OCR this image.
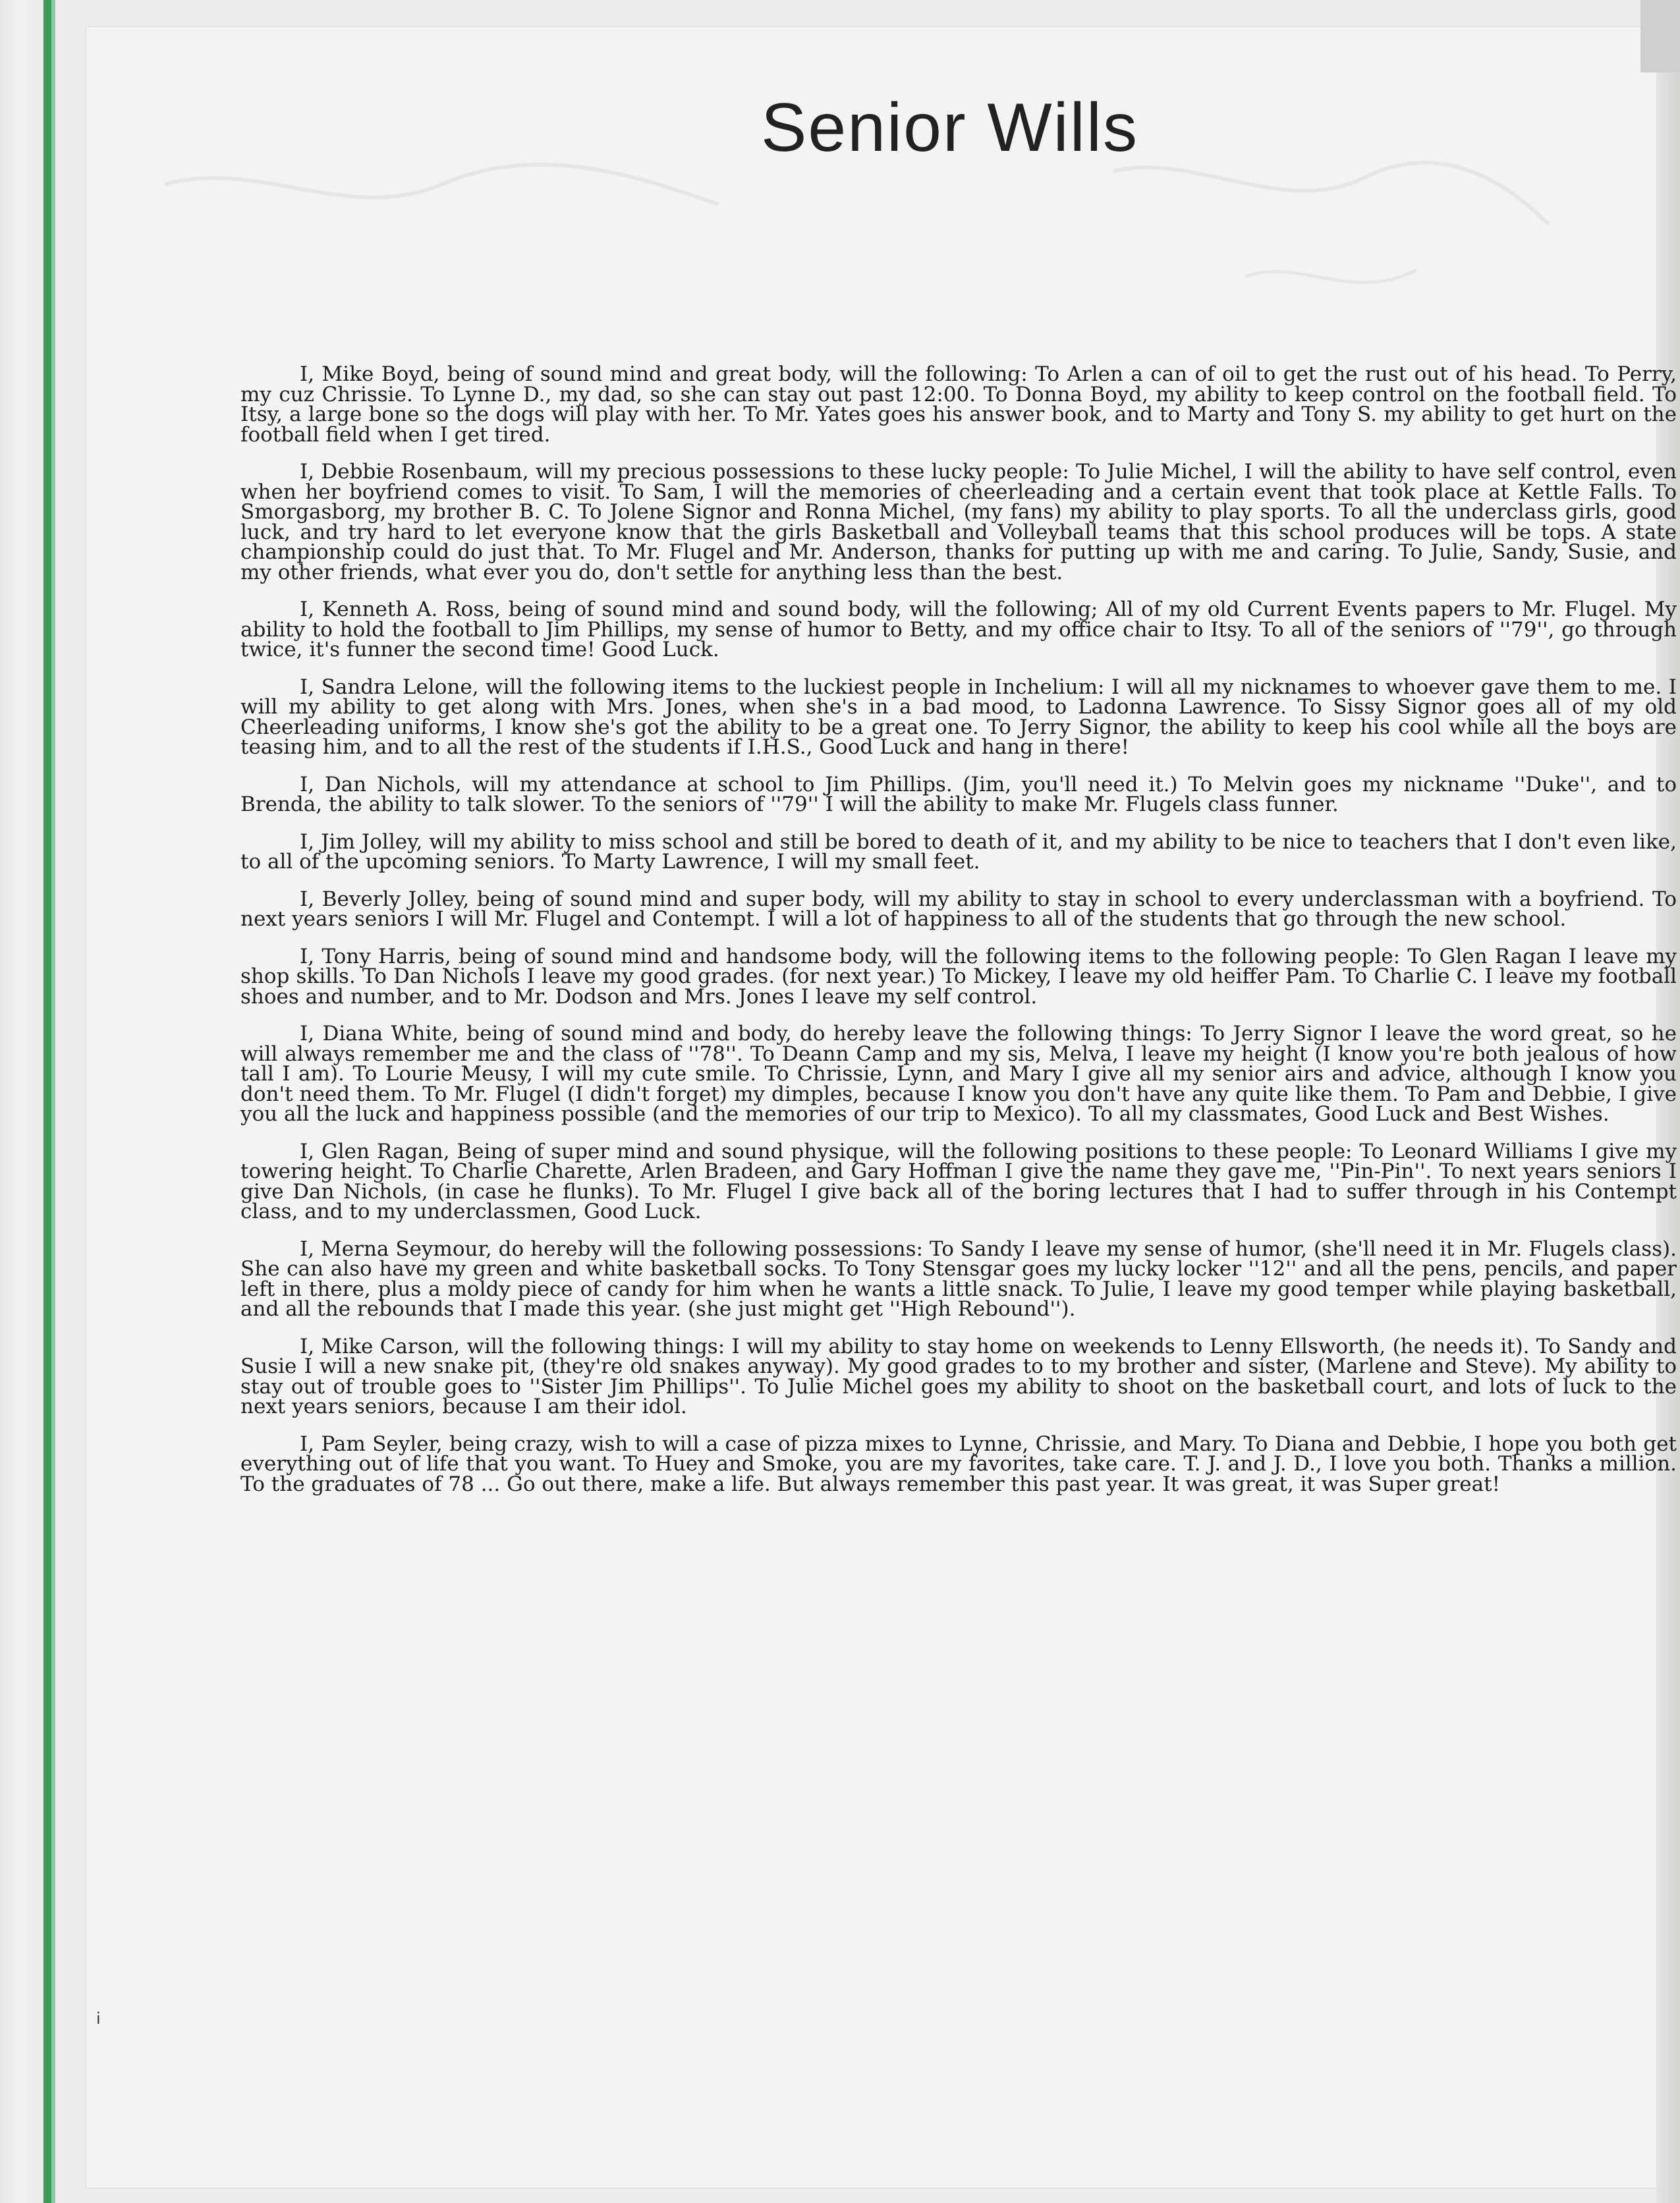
Senior Wills

I, Mike Boyd, being of sound mind and great body, will the following: To Arlen a can of oil to get the rust out of his head. To Perry, my cuz Chrissie. To Lynne D., my dad, so she can stay out past 12:00. To Donna Boyd, my ability to keep control on the football field. To Itsy, a large bone so the dogs will play with her. To Mr. Yates goes his answer book, and to Marty and Tony S. my ability to get hurt on the football field when I get tired.

I, Debbie Rosenbaum, will my precious possessions to these lucky people: To Julie Michel, I will the ability to have self control, even when her boyfriend comes to visit. To Sam, I will the memories of cheerleading and a certain event that took place at Kettle Falls. To Smorgasborg, my brother B. C. To Jolene Signor and Ronna Michel, (my fans) my ability to play sports. To all the underclass girls, good luck, and try hard to let everyone know that the girls Basketball and Volleyball teams that this school produces will be tops. A state championship could do just that. To Mr. Flugel and Mr. Anderson, thanks for putting up with me and caring. To Julie, Sandy, Susie, and my other friends, what ever you do, don't settle for anything less than the best.

I, Kenneth A. Ross, being of sound mind and sound body, will the following; All of my old Current Events papers to Mr. Flugel. My ability to hold the football to Jim Phillips, my sense of humor to Betty, and my office chair to Itsy. To all of the seniors of ''79'', go through twice, it's funner the second time! Good Luck.

I, Sandra Lelone, will the following items to the luckiest people in Inchelium: I will all my nicknames to whoever gave them to me. I will my ability to get along with Mrs. Jones, when she's in a bad mood, to Ladonna Lawrence. To Sissy Signor goes all of my old Cheerleading uniforms, I know she's got the ability to be a great one. To Jerry Signor, the ability to keep his cool while all the boys are teasing him, and to all the rest of the students if I.H.S., Good Luck and hang in there!

I, Dan Nichols, will my attendance at school to Jim Phillips. (Jim, you'll need it.) To Melvin goes my nickname ''Duke'', and to Brenda, the ability to talk slower. To the seniors of ''79'' I will the ability to make Mr. Flugels class funner.

I, Jim Jolley, will my ability to miss school and still be bored to death of it, and my ability to be nice to teachers that I don't even like, to all of the upcoming seniors. To Marty Lawrence, I will my small feet.

I, Beverly Jolley, being of sound mind and super body, will my ability to stay in school to every underclassman with a boyfriend. To next years seniors I will Mr. Flugel and Contempt. I will a lot of happiness to all of the students that go through the new school.

I, Tony Harris, being of sound mind and handsome body, will the following items to the following people: To Glen Ragan I leave my shop skills. To Dan Nichols I leave my good grades. (for next year.) To Mickey, I leave my old heiffer Pam. To Charlie C. I leave my football shoes and number, and to Mr. Dodson and Mrs. Jones I leave my self control.

I, Diana White, being of sound mind and body, do hereby leave the following things: To Jerry Signor I leave the word great, so he will always remember me and the class of ''78''. To Deann Camp and my sis, Melva, I leave my height (I know you're both jealous of how tall I am). To Lourie Meusy, I will my cute smile. To Chrissie, Lynn, and Mary I give all my senior airs and advice, although I know you don't need them. To Mr. Flugel (I didn't forget) my dimples, because I know you don't have any quite like them. To Pam and Debbie, I give you all the luck and happiness possible (and the memories of our trip to Mexico). To all my classmates, Good Luck and Best Wishes.

I, Glen Ragan, Being of super mind and sound physique, will the following positions to these people: To Leonard Williams I give my towering height. To Charlie Charette, Arlen Bradeen, and Gary Hoffman I give the name they gave me, ''Pin-Pin''. To next years seniors I give Dan Nichols, (in case he flunks). To Mr. Flugel I give back all of the boring lectures that I had to suffer through in his Contempt class, and to my underclassmen, Good Luck.

I, Merna Seymour, do hereby will the following possessions: To Sandy I leave my sense of humor, (she'll need it in Mr. Flugels class). She can also have my green and white basketball socks. To Tony Stensgar goes my lucky locker ''12'' and all the pens, pencils, and paper left in there, plus a moldy piece of candy for him when he wants a little snack. To Julie, I leave my good temper while playing basketball, and all the rebounds that I made this year. (she just might get ''High Rebound'').

I, Mike Carson, will the following things: I will my ability to stay home on weekends to Lenny Ellsworth, (he needs it). To Sandy and Susie I will a new snake pit, (they're old snakes anyway). My good grades to to my brother and sister, (Marlene and Steve). My ability to stay out of trouble goes to ''Sister Jim Phillips''. To Julie Michel goes my ability to shoot on the basketball court, and lots of luck to the next years seniors, because I am their idol.

I, Pam Seyler, being crazy, wish to will a case of pizza mixes to Lynne, Chrissie, and Mary. To Diana and Debbie, I hope you both get everything out of life that you want. To Huey and Smoke, you are my favorites, take care. T. J. and J. D., I love you both. Thanks a million. To the graduates of 78 ... Go out there, make a life. But always remember this past year. It was great, it was Super great!

i
